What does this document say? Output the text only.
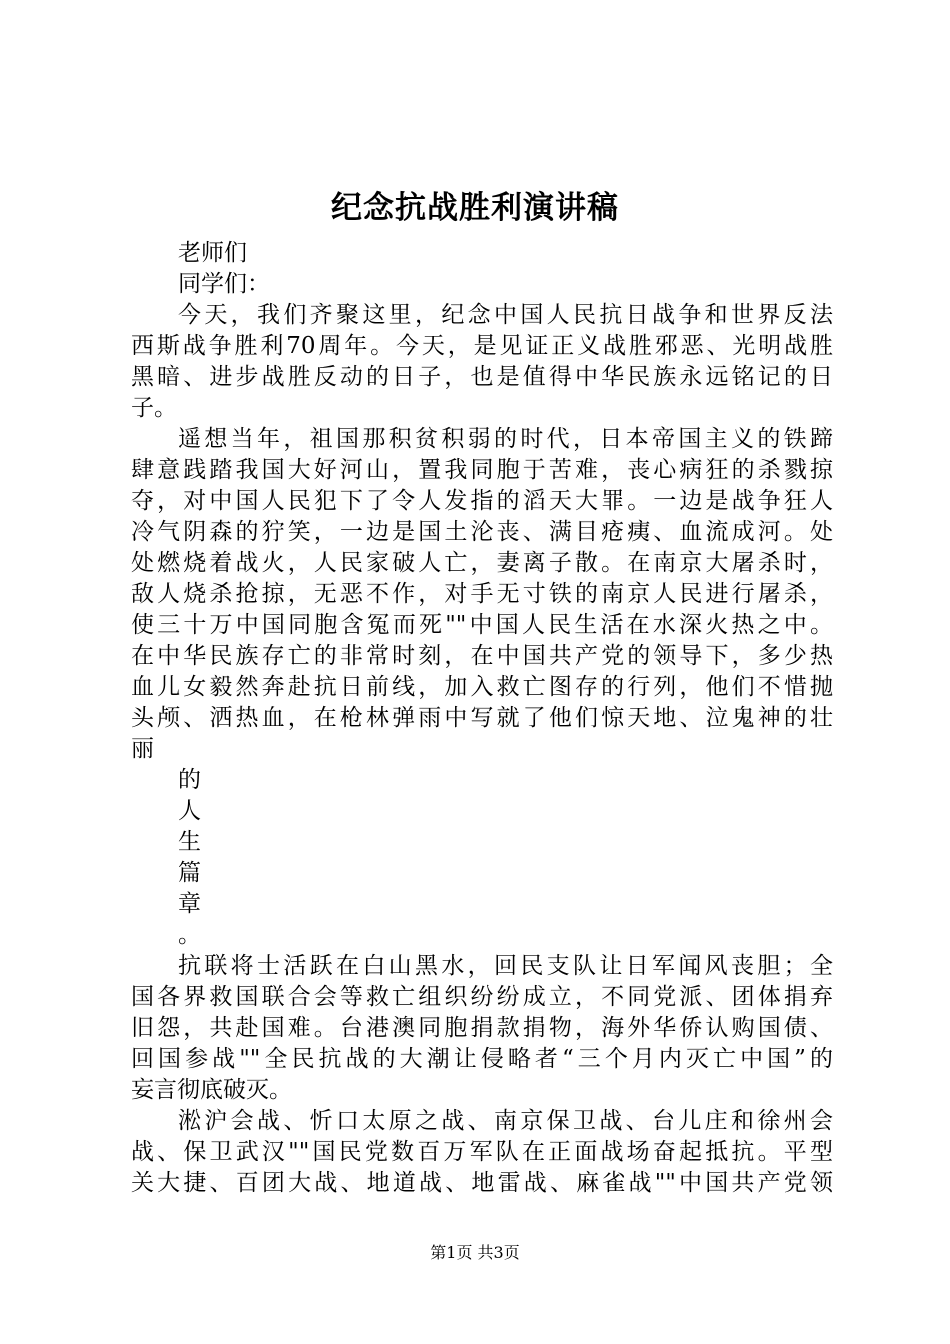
纪念抗战胜利演讲稿
老师们
同学们：
今天，我们齐聚这里，纪念中国人民抗日战争和世界反法
西斯战争胜利70周年。今天，是见证正义战胜邪恶、光明战胜
黑暗、进步战胜反动的日子，也是值得中华民族永远铭记的日
子。
遥想当年，祖国那积贫积弱的时代，日本帝国主义的铁蹄
肆意践踏我国大好河山，置我同胞于苦难，丧心病狂的杀戮掠
夺，对中国人民犯下了令人发指的滔天大罪。一边是战争狂人
冷气阴森的狞笑，一边是国土沦丧、满目疮痍、血流成河。处
处燃烧着战火，人民家破人亡，妻离子散。在南京大屠杀时，
敌人烧杀抢掠，无恶不作，对手无寸铁的南京人民进行屠杀，
使三十万中国同胞含冤而死""中国人民生活在水深火热之中。
在中华民族存亡的非常时刻，在中国共产党的领导下，多少热
血儿女毅然奔赴抗日前线，加入救亡图存的行列，他们不惜抛
头颅、洒热血，在枪林弹雨中写就了他们惊天地、泣鬼神的壮
丽
的
人
生
篇
章
。
抗联将士活跃在白山黑水，回民支队让日军闻风丧胆；全
国各界救国联合会等救亡组织纷纷成立，不同党派、团体捐弃
旧怨，共赴国难。台港澳同胞捐款捐物，海外华侨认购国债、
回国参战""全民抗战的大潮让侵略者“三个月内灭亡中国”的
妄言彻底破灭。
淞沪会战、忻口太原之战、南京保卫战、台儿庄和徐州会
战、保卫武汉""国民党数百万军队在正面战场奋起抵抗。平型
关大捷、百团大战、地道战、地雷战、麻雀战""中国共产党领
第1页 共3页
